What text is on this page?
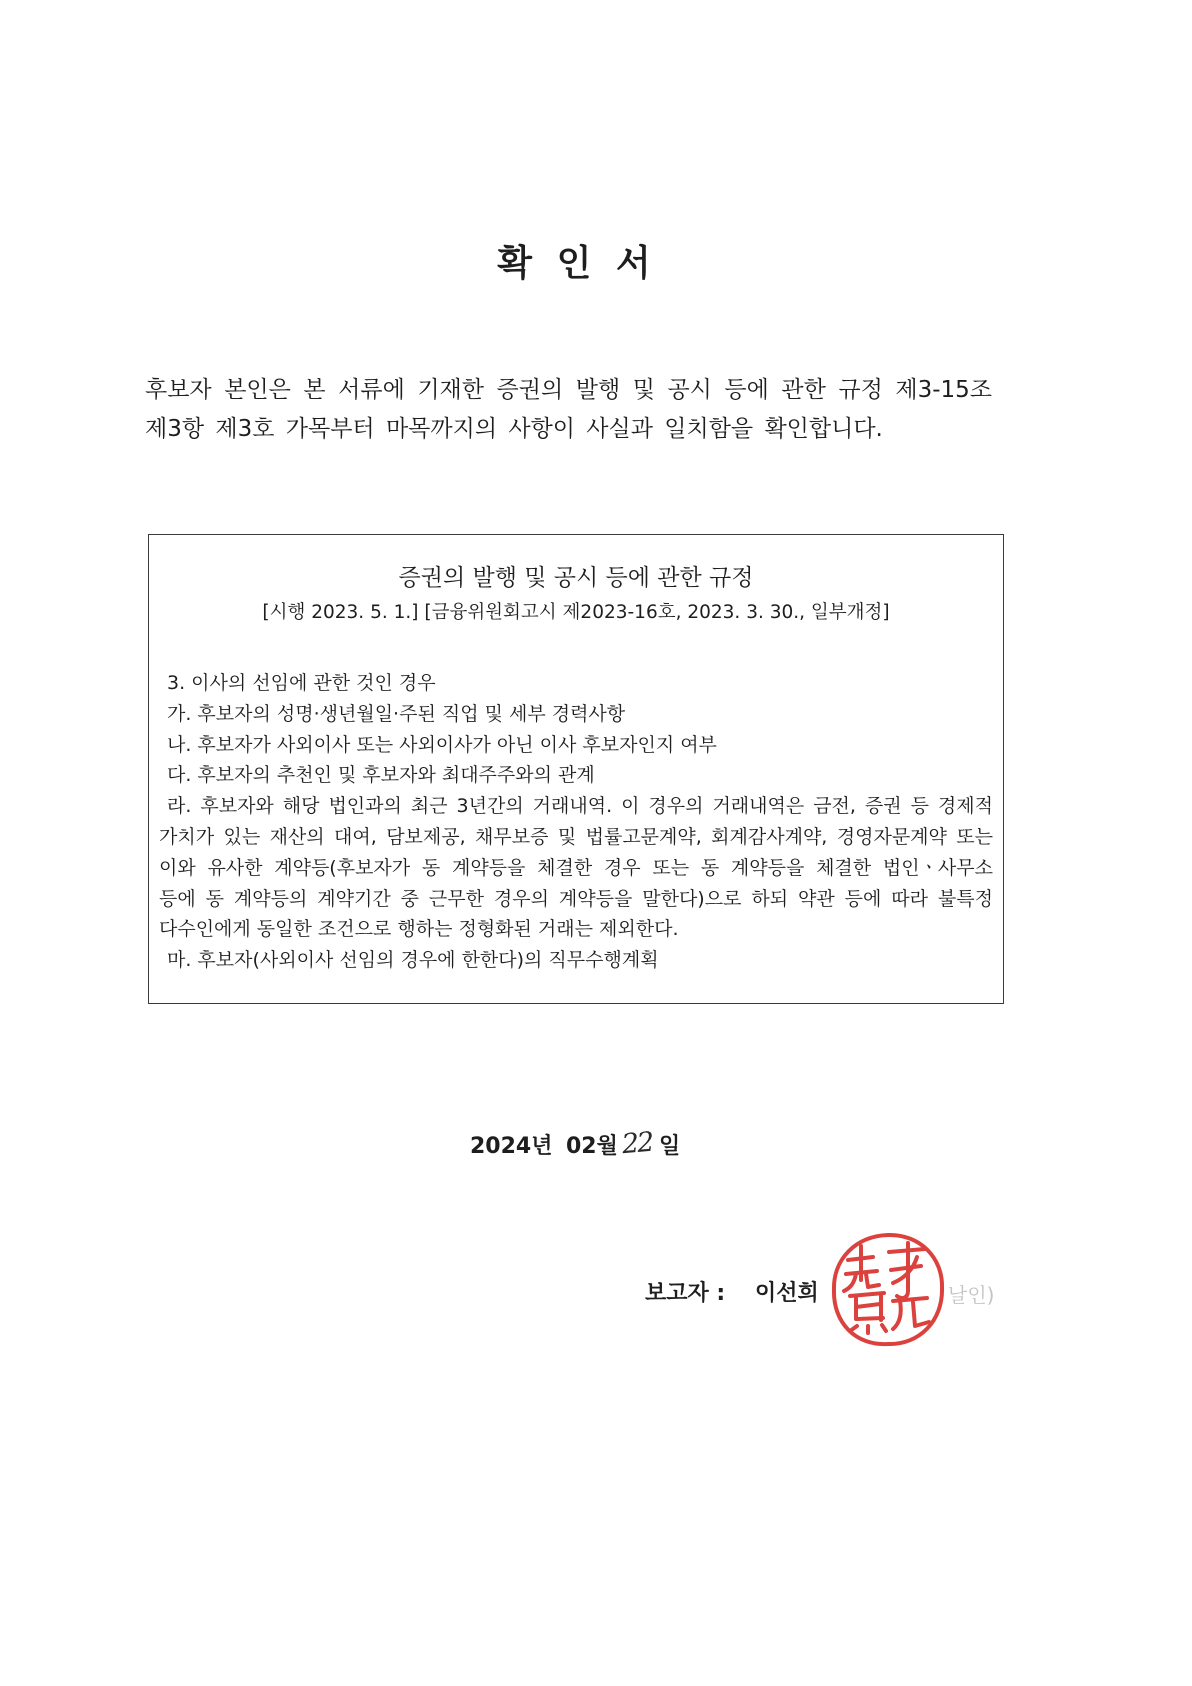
확 인 서
후보자 본인은 본 서류에 기재한 증권의 발행 및 공시 등에 관한 규정 제3-15조
제3항 제3호 가목부터 마목까지의 사항이 사실과 일치함을 확인합니다.
증권의 발행 및 공시 등에 관한 규정
[시행 2023. 5. 1.] [금융위원회고시 제2023-16호, 2023. 3. 30., 일부개정]
3. 이사의 선임에 관한 것인 경우
가. 후보자의 성명·생년월일·주된 직업 및 세부 경력사항
나. 후보자가 사외이사 또는 사외이사가 아닌 이사 후보자인지 여부
다. 후보자의 추천인 및 후보자와 최대주주와의 관계
라. 후보자와 해당 법인과의 최근 3년간의 거래내역. 이 경우의 거래내역은 금전, 증권 등 경제적
가치가 있는 재산의 대여, 담보제공, 채무보증 및 법률고문계약, 회계감사계약, 경영자문계약 또는
이와 유사한 계약등(후보자가 동 계약등을 체결한 경우 또는 동 계약등을 체결한 법인ㆍ사무소
등에 동 계약등의 계약기간 중 근무한 경우의 계약등을 말한다)으로 하되 약관 등에 따라 불특정
다수인에게 동일한 조건으로 행하는 정형화된 거래는 제외한다.
마. 후보자(사외이사 선임의 경우에 한한다)의 직무수행계획
2024년 02월 22 일
보고자 : 이선희	날인)
